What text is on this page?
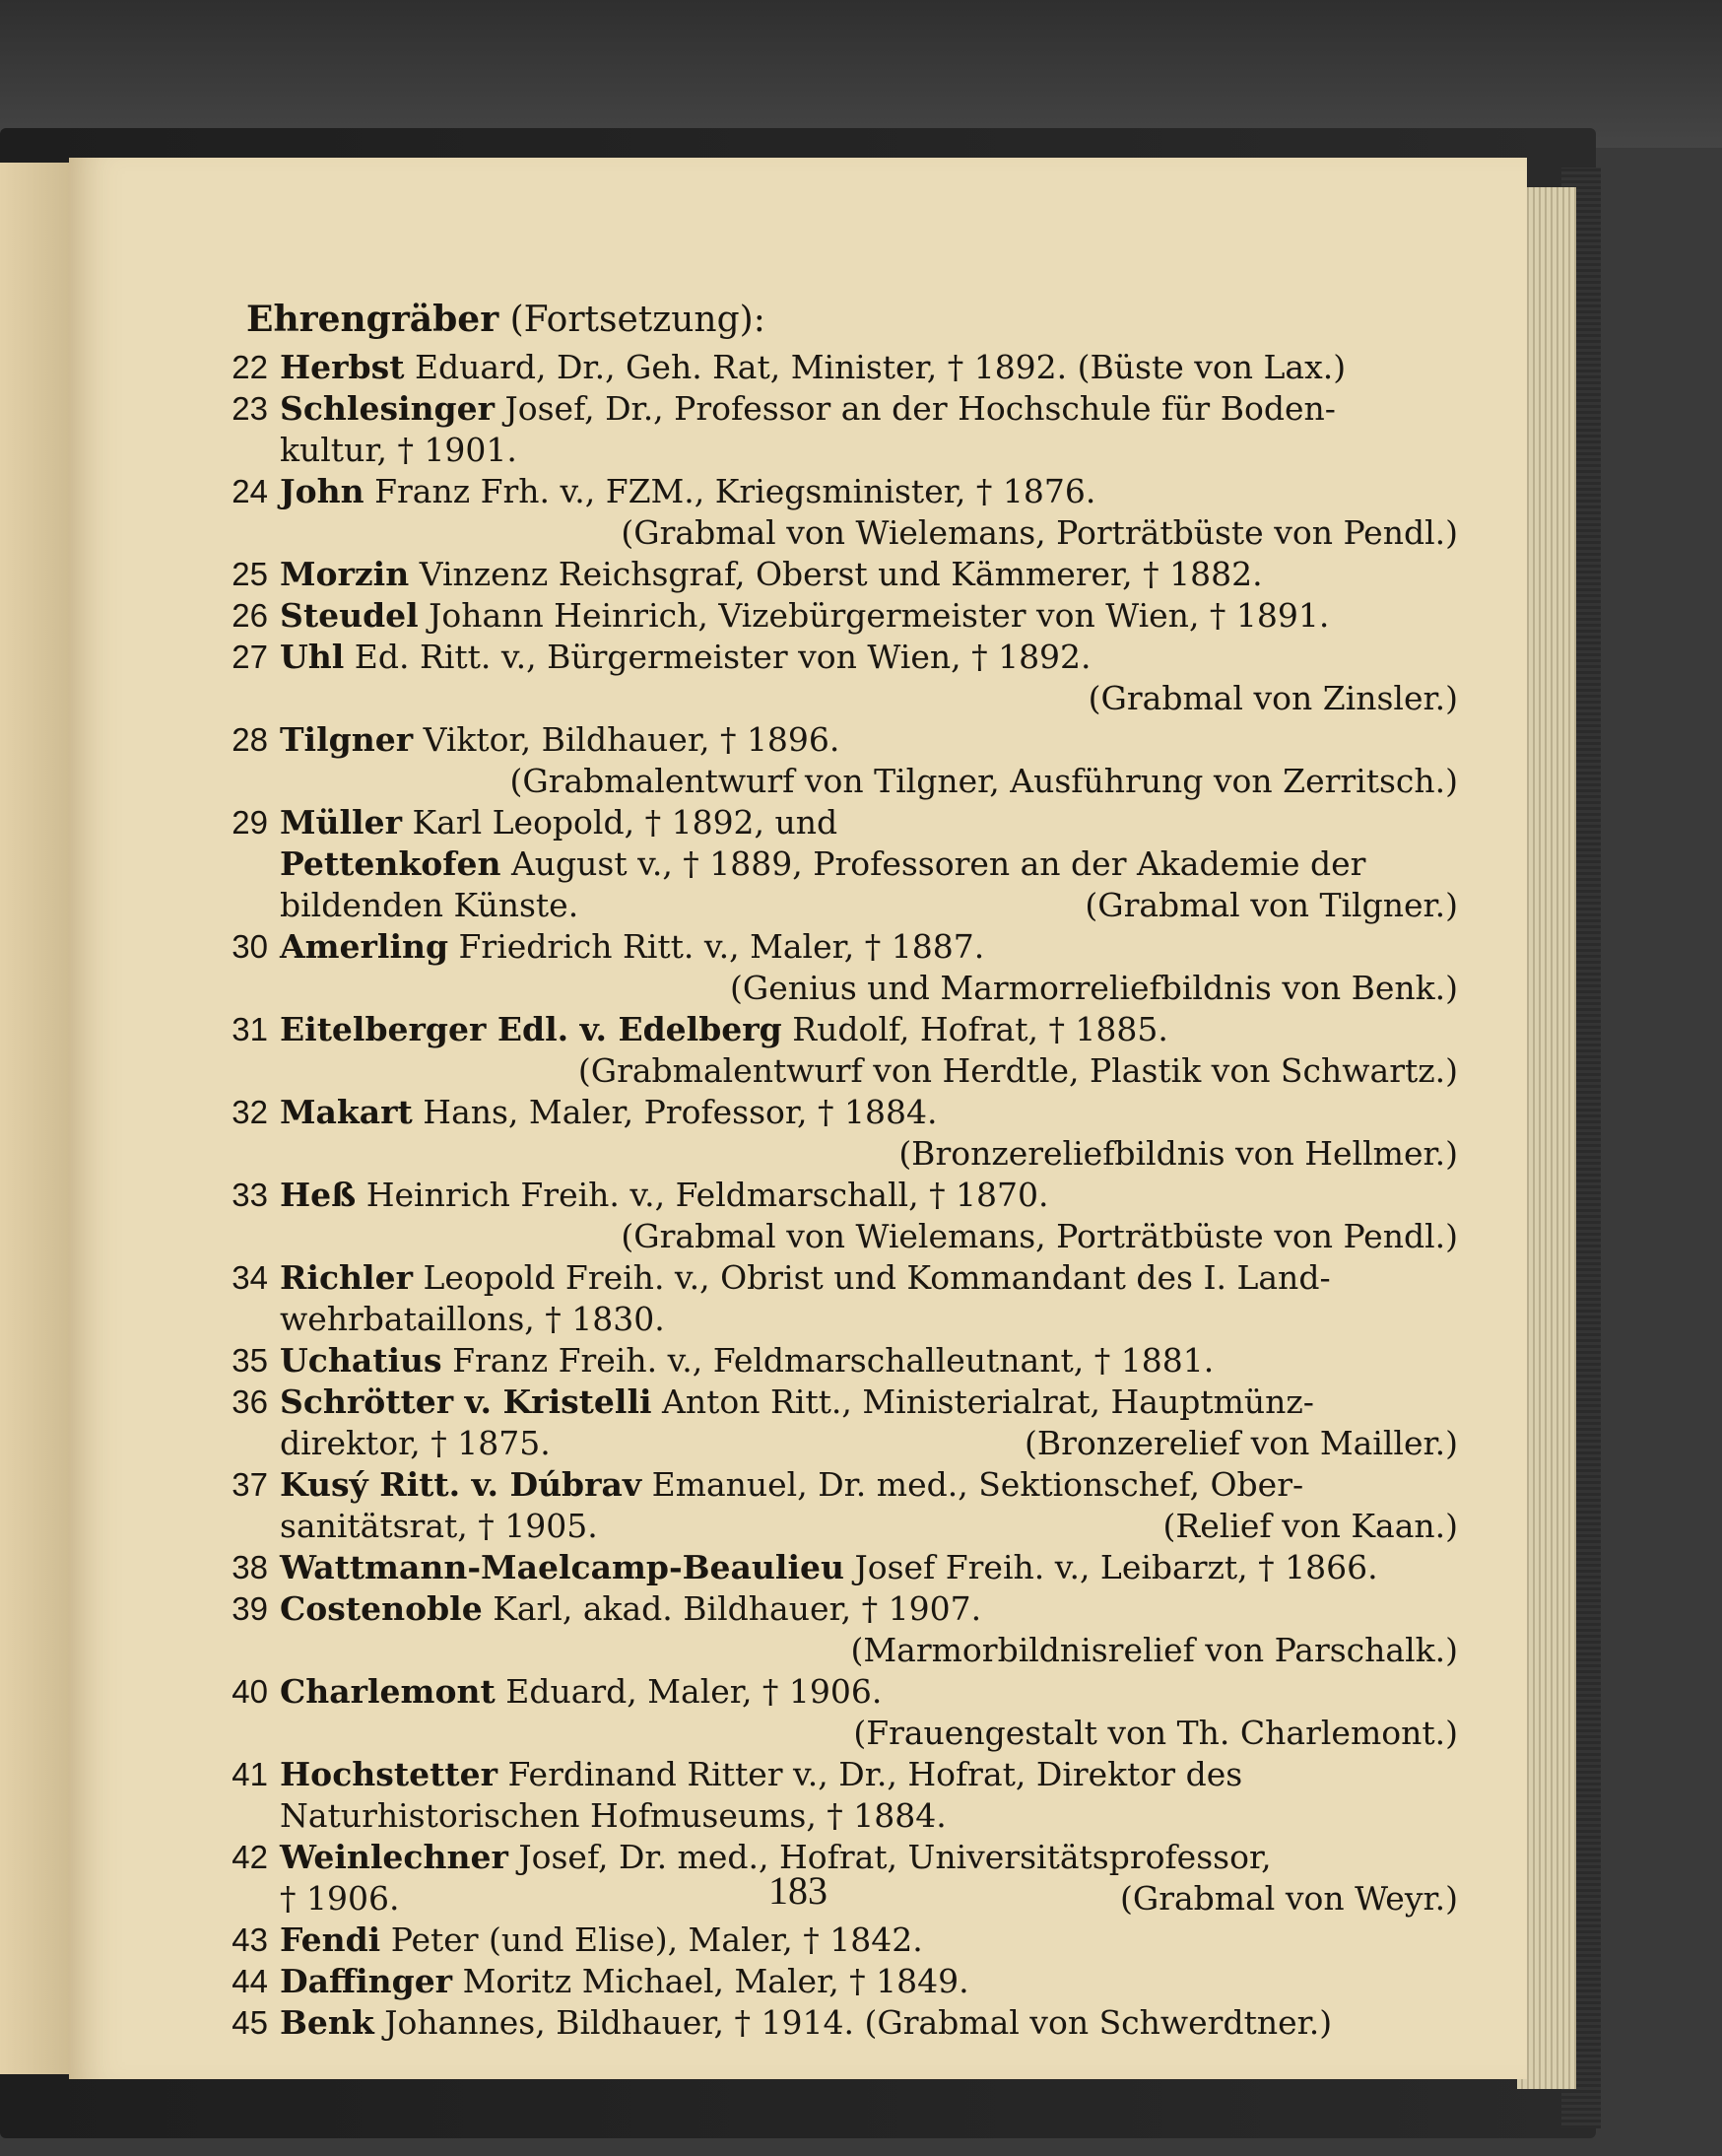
Ehrengräber (Fortsetzung):
22 Herbst Eduard, Dr., Geh. Rat, Minister, † 1892. (Büste von Lax.)
23 Schlesinger Josef, Dr., Professor an der Hochschule für Boden-
kultur, † 1901.
24 John Franz Frh. v., FZM., Kriegsminister, † 1876.
(Grabmal von Wielemans, Porträtbüste von Pendl.)
25 Morzin Vinzenz Reichsgraf, Oberst und Kämmerer, † 1882.
26 Steudel Johann Heinrich, Vizebürgermeister von Wien, † 1891.
27 Uhl Ed. Ritt. v., Bürgermeister von Wien, † 1892.
(Grabmal von Zinsler.)
28 Tilgner Viktor, Bildhauer, † 1896.
(Grabmalentwurf von Tilgner, Ausführung von Zerritsch.)
29 Müller Karl Leopold, † 1892, und
Pettenkofen August v., † 1889, Professoren an der Akademie der
bildenden Künste.	(Grabmal von Tilgner.)
30 Amerling Friedrich Ritt. v., Maler, † 1887.
(Genius und Marmorreliefbildnis von Benk.)
31 Eitelberger Edl. v. Edelberg Rudolf, Hofrat, † 1885.
(Grabmalentwurf von Herdtle, Plastik von Schwartz.)
32 Makart Hans, Maler, Professor, † 1884.
(Bronzereliefbildnis von Hellmer.)
33 Heß Heinrich Freih. v., Feldmarschall, † 1870.
(Grabmal von Wielemans, Porträtbüste von Pendl.)
34 Richler Leopold Freih. v., Obrist und Kommandant des I. Land-
wehrbataillons, † 1830.
35 Uchatius Franz Freih. v., Feldmarschalleutnant, † 1881.
36 Schrötter v. Kristelli Anton Ritt., Ministerialrat, Hauptmünz-
direktor, † 1875.	(Bronzerelief von Mailler.)
37 Kusý Ritt. v. Dúbrav Emanuel, Dr. med., Sektionschef, Ober-
sanitätsrat, † 1905.	(Relief von Kaan.)
38 Wattmann-Maelcamp-Beaulieu Josef Freih. v., Leibarzt, † 1866.
39 Costenoble Karl, akad. Bildhauer, † 1907.
(Marmorbildnisrelief von Parschalk.)
40 Charlemont Eduard, Maler, † 1906.
(Frauengestalt von Th. Charlemont.)
41 Hochstetter Ferdinand Ritter v., Dr., Hofrat, Direktor des
Naturhistorischen Hofmuseums, † 1884.
42 Weinlechner Josef, Dr. med., Hofrat, Universitätsprofessor,
† 1906.	(Grabmal von Weyr.)
43 Fendi Peter (und Elise), Maler, † 1842.
44 Daffinger Moritz Michael, Maler, † 1849.
45 Benk Johannes, Bildhauer, † 1914. (Grabmal von Schwerdtner.)
183
